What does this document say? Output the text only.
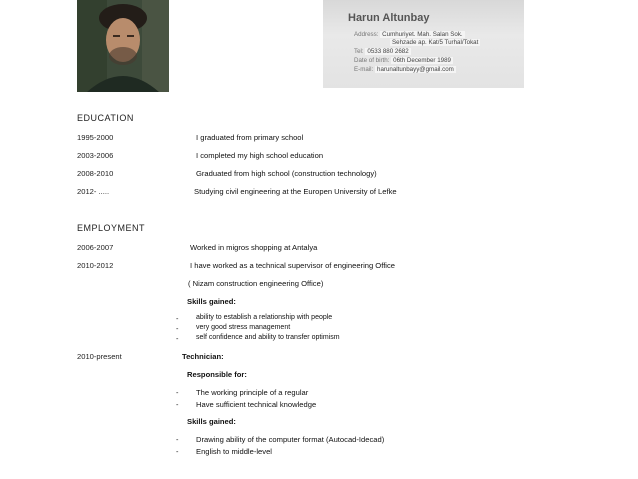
Harun Altunbay
Address: Cumhuriyet. Mah. Salan Sok.
Sehzade ap. Kat/5 Turhal/Tokat
Tel: 0533 880 2682
Date of birth: 06th December 1989
E-mail: harunaltunbayy@gmail.com
EDUCATION
1995-2000	I graduated from primary school
2003-2006	I completed my high school education
2008-2010	Graduated from high school (construction technology)
2012- .....	Studying civil engineering at the Europen University of Lefke
EMPLOYMENT
2006-2007	Worked in migros shopping at Antalya
2010-2012	I have worked as a technical supervisor of engineering Office
( Nizam construction engineering Office)
Skills gained:
-	ability to establish a relationship with people
-	very good stress management
-	self confidence and ability to transfer optimism
2010-present	Technician:
Responsible for:
- The working principle of a regular
- Have sufficient technical knowledge
Skills gained:
- Drawing ability of the computer format (Autocad-Idecad)
- English to middle-level
